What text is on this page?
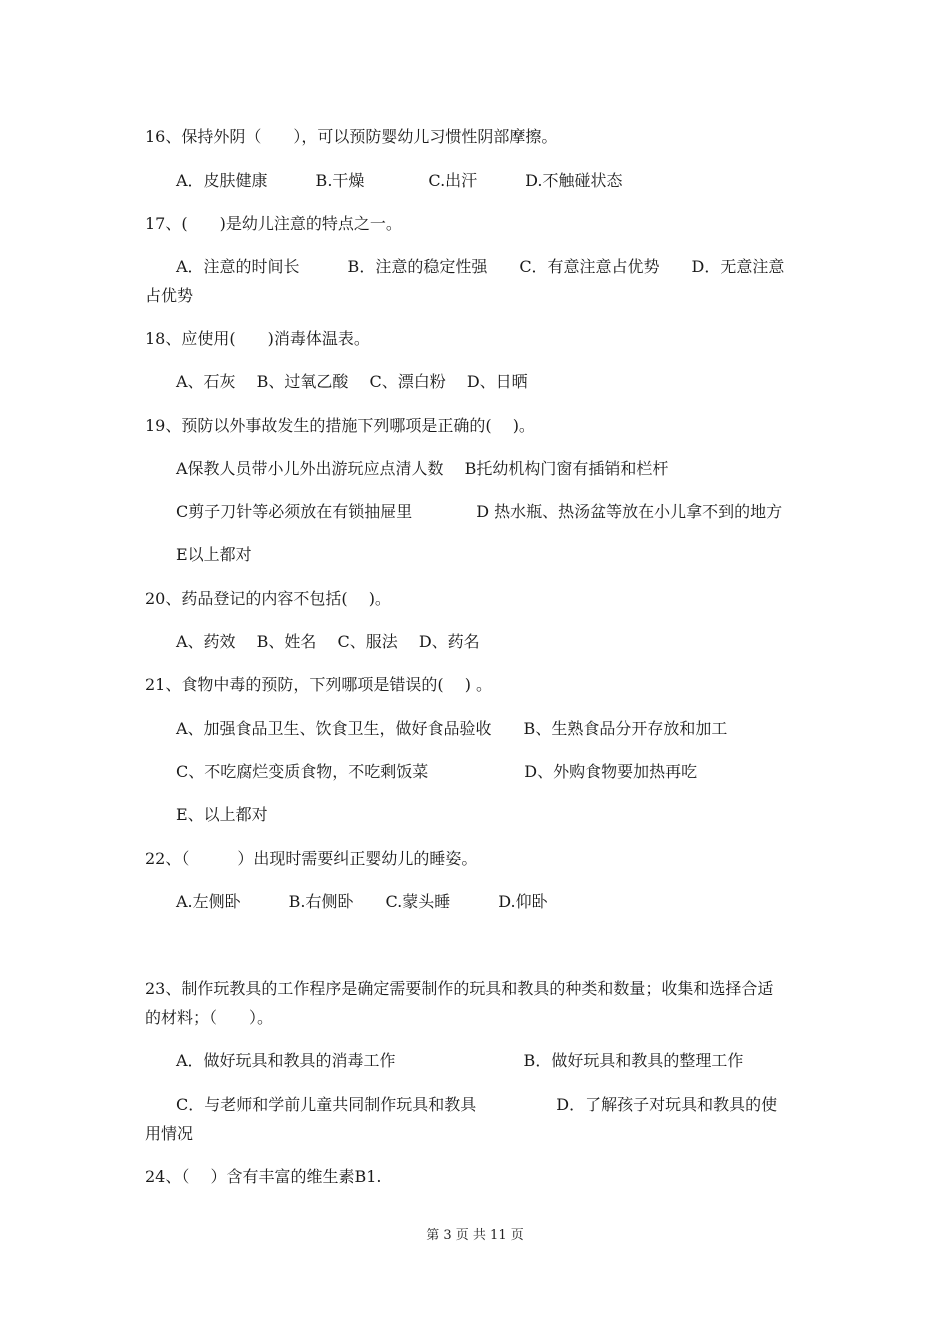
16、保持外阴（　　），可以预防婴幼儿习惯性阴部摩擦。
A．皮肤健康　　　B.干燥　　　　C.出汗　　　D.不触碰状态
17、(　　)是幼儿注意的特点之一。
A．注意的时间长　　　B．注意的稳定性强　　C．有意注意占优势　　D．无意注意
占优势
18、应使用(　　)消毒体温表。
A、石灰　 B、过氧乙酸　 C、漂白粉　 D、日晒
19、预防以外事故发生的措施下列哪项是正确的(　 )。
A保教人员带小儿外出游玩应点清人数　 B托幼机构门窗有插销和栏杆
C剪子刀针等必须放在有锁抽屉里　　　　D 热水瓶、热汤盆等放在小儿拿不到的地方
E以上都对
20、药品登记的内容不包括(　 )。
A、药效　 B、姓名　 C、服法　 D、药名
21、食物中毒的预防，下列哪项是错误的(　 ) 。
A、加强食品卫生、饮食卫生，做好食品验收　　B、生熟食品分开存放和加工
C、不吃腐烂变质食物，不吃剩饭菜　　　　　　D、外购食物要加热再吃
E、以上都对
22、（　　　）出现时需要纠正婴幼儿的睡姿。
A.左侧卧　　　B.右侧卧　　C.蒙头睡　　　D.仰卧
23、制作玩教具的工作程序是确定需要制作的玩具和教具的种类和数量；收集和选择合适
的材料；（　　）。
A．做好玩具和教具的消毒工作　　　　　　　　B．做好玩具和教具的整理工作
C．与老师和学前儿童共同制作玩具和教具　　　　　D．了解孩子对玩具和教具的使
用情况
24、（　 ）含有丰富的维生素B1.
第 3 页 共 11 页
